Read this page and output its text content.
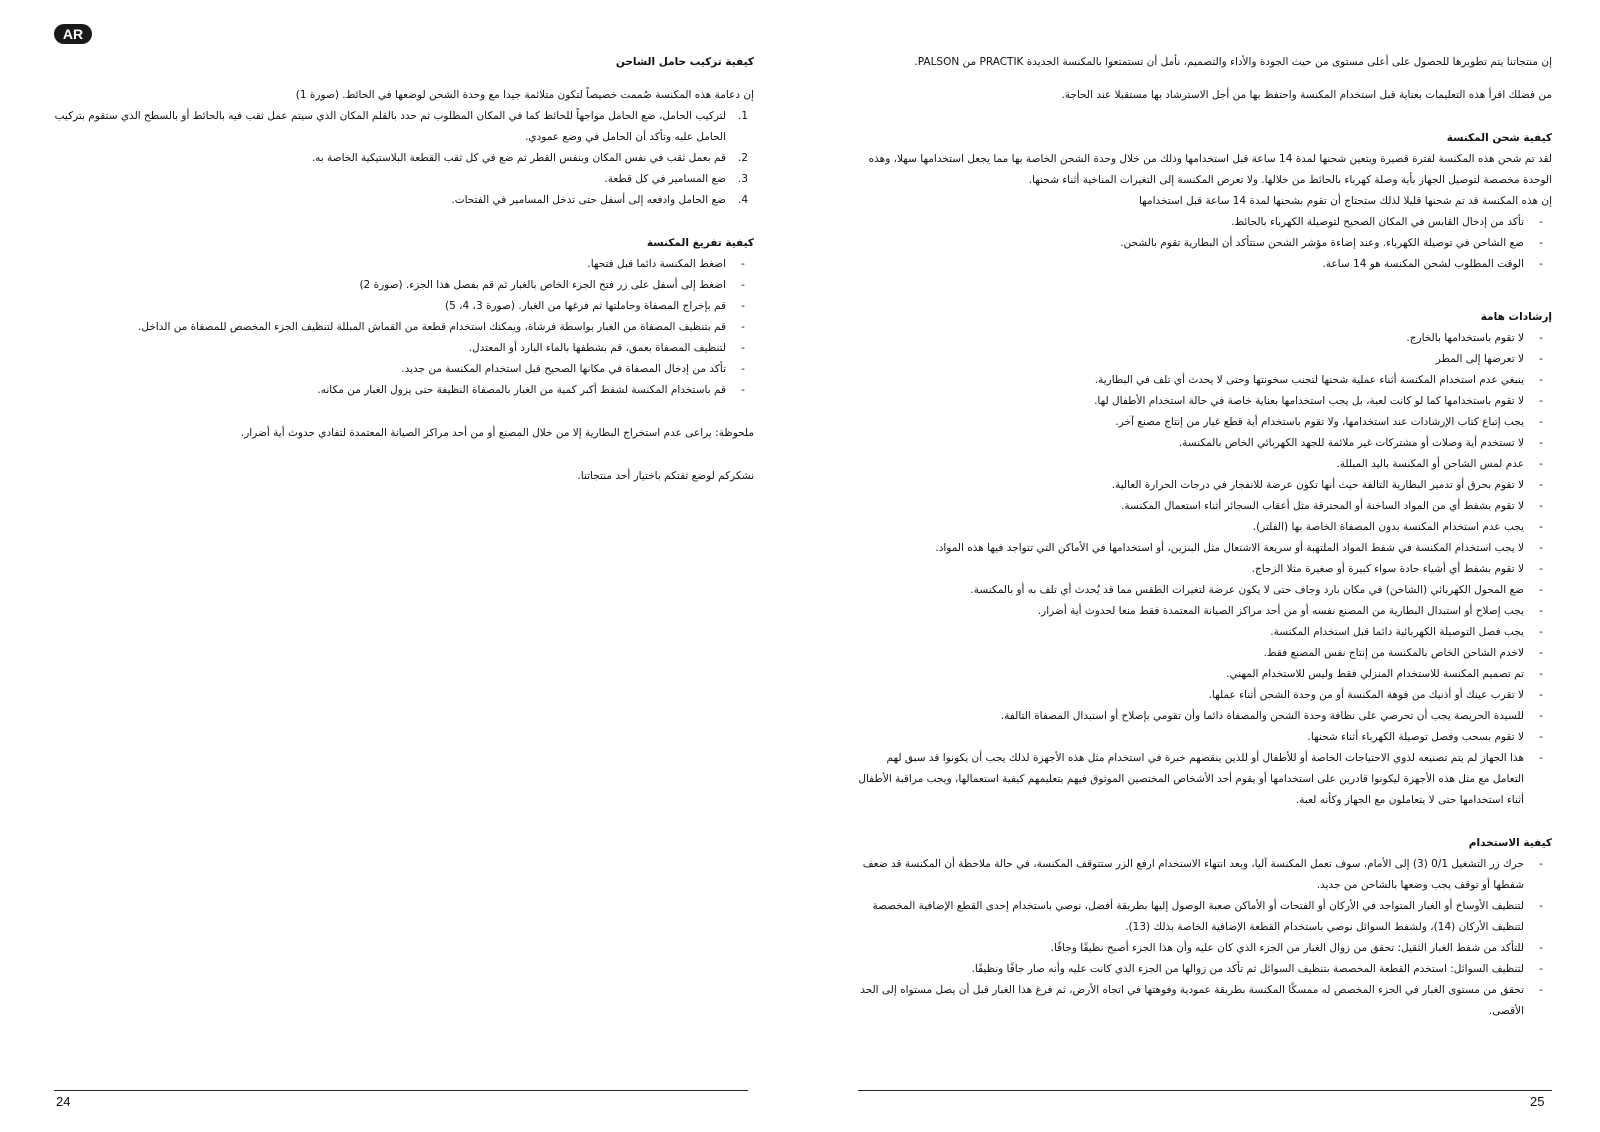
AR
كيفية تركيب حامل الشاحن

إن دعامة هذه المكنسة صُممت خصيصاً لتكون متلائمة جيدا مع وحدة الشحن لوضعها في الحائط. (صورة 1)

1.
لتركيب الحامل، ضع الحامل مواجهاً للحائط كما في المكان المطلوب ثم حدد بالقلم المكان الذي سيتم عمل ثقب فيه بالحائط أو بالسطح الذي ستقوم بتركيب الحامل عليه وتأكد أن الحامل في وضع عمودي.
2.
قم بعمل ثقب في نفس المكان وبنفس القطر ثم ضع في كل ثقب القطعة البلاستيكية الخاصة به.
3.
ضع المسامير في كل قطعة.
4.
ضع الحامل وادفعه إلى أسفل حتى تدخل المسامير في الفتحات.
كيفية تفريغ المكنسة
-
اضغط المكنسة دائما قبل فتحها.
-
اضغط إلى أسفل على زر فتح الجزء الخاص بالغبار ثم قم بفصل هذا الجزء. (صورة 2)
-
قم بإخراج المصفاة وحاملتها ثم فرغها من الغبار. (صورة 3، 4، 5)
-
قم بتنظيف المصفاة من الغبار بواسطة فرشاة، ويمكنك استخدام قطعة من القماش المبللة لتنظيف الجزء المخصص للمصفاة من الداخل.
-
لتنظيف المصفاة بعمق، قم بشطفها بالماء البارد أو المعتدل.
-
تأكد من إدخال المصفاة في مكانها الصحيح قبل استخدام المكنسة من جديد.
-
قم باستخدام المكنسة لشفط أكبر كمية من الغبار بالمصفاة النظيفة حتى يزول الغبار من مكانه.

ملحوظة: يراعى عدم استخراج البطارية إلا من خلال المصنع أو من أحد مراكز الصيانة المعتمدة لتفادي حدوث أية أضرار.

نشكركم لوضع ثقتكم باختيار أحد منتجاتنا.

إن منتجاتنا يتم تطويرها للحصول على أعلى مستوى من حيث الجودة والأداء والتصميم، نأمل أن تستمتعوا بالمكنسة الجديدة PRACTIK من PALSON.

من فضلك اقرأ هذه التعليمات بعناية قبل استخدام المكنسة واحتفظ بها من أجل الاسترشاد بها مستقبلا عند الحاجة.

كيفية شحن المكنسة

لقد تم شحن هذه المكنسة لفترة قصيرة ويتعين شحنها لمدة 14 ساعة قبل استخدامها وذلك من خلال وحدة الشحن الخاصة بها مما يجعل استخدامها سهلا، وهذه الوحدة مخصصة لتوصيل الجهاز بأية وصلة كهرباء بالحائط من خلالها. ولا تعرض المكنسة إلى التغيرات المناخية أثناء شحنها.

إن هذه المكنسة قد تم شحنها قليلا لذلك ستحتاج أن تقوم بشحنها لمدة 14 ساعة قبل استخدامها

-
تأكد من إدخال القابس في المكان الصحيح لتوصيلة الكهرباء بالحائط.
-
ضع الشاحن في توصيلة الكهرباء. وعند إضاءة مؤشر الشحن ستتأكد أن البطارية تقوم بالشحن.
-
الوقت المطلوب لشحن المكنسة هو 14 ساعة.
إرشادات هامة
-
لا تقوم باستخدامها بالخارج.
-
لا تعرضها إلى المطر
-
ينبغي عدم استخدام المكنسة أثناء عملية شحنها لتجنب سخونتها وحتى لا يحدث أي تلف في البطارية.
-
لا تقوم باستخدامها كما لو كانت لعبة، بل يجب استخدامها بعناية خاصة في حالة استخدام الأطفال لها.
-
يجب إتباع كتاب الإرشادات عند استخدامها، ولا تقوم باستخدام أية قطع غيار من إنتاج مصنع آخر.
-
لا تستخدم أية وصلات أو مشتركات غير ملائمة للجهد الكهربائي الخاص بالمكنسة.
-
عدم لمس الشاحن أو المكنسة باليد المبللة.
-
لا تقوم بحرق أو تدمير البطارية التالفة حيث أنها تكون عرضة للانفجار في درجات الحرارة العالية.
-
لا تقوم بشفط أي من المواد الساخنة أو المحترقة مثل أعقاب السجائر أثناء استعمال المكنسة.
-
يجب عدم استخدام المكنسة بدون المصفاة الخاصة بها (الفلتر).
-
لا يجب استخدام المكنسة في شفط المواد الملتهبة أو سريعة الاشتعال مثل البنزين، أو استخدامها في الأماكن التي تتواجد فيها هذه المواد.
-
لا تقوم بشفط أي أشياء حادة سواء كبيرة أو صغيرة مثلا الزجاج.
-
ضع المحول الكهربائي (الشاحن) في مكان بارد وجاف حتى لا يكون عرضة لتغيرات الطقس مما قد يُحدث أي تلف به أو بالمكنسة.
-
يجب إصلاح أو استبدال البطارية من المصنع نفسه أو من أحد مراكز الصيانة المعتمدة فقط منعا لحدوث أية أضرار.
-
يجب فصل التوصيلة الكهربائية دائما قبل استخدام المكنسة.
-
لاخدم الشاحن الخاص بالمكنسة من إنتاج نفس المصنع فقط.
-
تم تصميم المكنسة للاستخدام المنزلي فقط وليس للاستخدام المهني.
-
لا تقرب عينك أو أذنيك من فوهة المكنسة أو من وحدة الشحن أثناء عملها.
-
للسيدة الحريصة يجب أن تحرصي على نظافة وحدة الشحن والمصفاة دائما وأن تقومي بإصلاح أو استبدال المصفاة التالفة.
-
لا تقوم بسحب وفصل توصيلة الكهرباء أثناء شحنها.
-
هذا الجهاز لم يتم تصنيعه لذوي الاحتياجات الخاصة أو للأطفال أو للذين ينقصهم خبرة في استخدام مثل هذه الأجهزة لذلك يجب أن يكونوا قد سبق لهم التعامل مع مثل هذه الأجهزة ليكونوا قادرين على استخدامها أو يقوم أحد الأشخاص المختصين الموثوق فيهم بتعليمهم كيفية استعمالها، ويجب مراقبة الأطفال أثناء استخدامها حتى لا يتعاملون مع الجهاز وكأنه لعبة.
كيفية الاستخدام
-
حرك زر التشغيل 0/1 (3) إلى الأمام، سوف تعمل المكنسة آليا، وبعد انتهاء الاستخدام ارفع الزر ستتوقف المكنسة، في حالة ملاحظة أن المكنسة قد ضعف شفطها أو توقف يجب وضعها بالشاحن من جديد.
-
لتنظيف الأوساخ أو الغبار المتواجد في الأركان أو الفتحات أو الأماكن صعبة الوصول إليها بطريقة أفضل، نوصي باستخدام إحدى القطع الإضافية المخصصة لتنظيف الأركان (14)، ولشفط السوائل نوصي باستخدام القطعة الإضافية الخاصة بذلك (13).
-
للتأكد من شفط الغبار الثقيل: تحقق من زوال الغبار من الجزء الذي كان عليه وأن هذا الجزء أصبح نظيفًا وجافًا.
-
لتنظيف السوائل: استخدم القطعة المخصصة بتنظيف السوائل ثم تأكد من زوالها من الجزء الذي كانت عليه وأنه صار جافًا ونظيفًا.
-
تحقق من مستوى الغبار في الجزء المخصص له ممسكًا المكنسة بطريقة عمودية وفوهتها في اتجاه الأرض، ثم فرغ هذا الغبار قبل أن يصل مستواه إلى الحد الأقصى.
24	25
